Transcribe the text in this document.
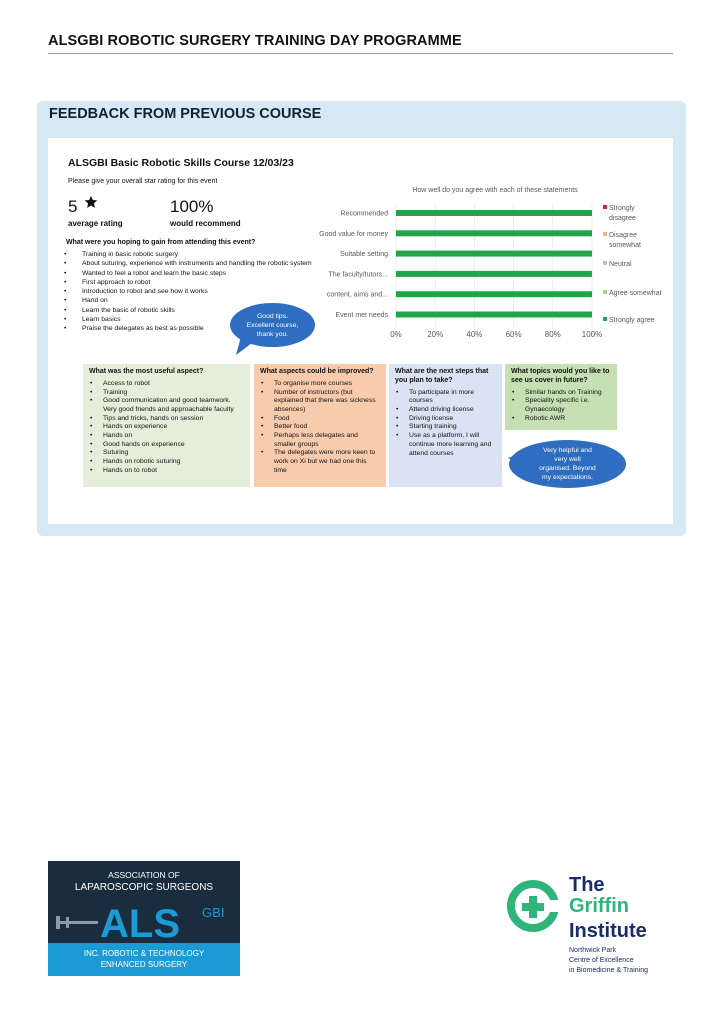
ALSGBI ROBOTIC SURGERY TRAINING DAY PROGRAMME
FEEDBACK FROM PREVIOUS COURSE
ALSGBI Basic Robotic Skills Course 12/03/23
Please give your overall star rating for this event
5
average rating
100%
would recommend
What were you hoping to gain from attending this event?
• Training in basic robotic surgery
• About suturing, experience with instruments and handling the robotic system
• Wanted to feel a robot and learn the basic steps
• First approach to robot
• Introduction to robot and see how it works
• Hand on
• Learn the basic of robotic skills
• Learn basics
• Praise the delegates as best as possible
Good tips.
Excellent course,
thank you.
How well do you agree with each of these statements
Recommended
Good value for money
Suitable setting
The faculty/tutors...
content, aims and...
Event met needs
0%	20%	40%	60%	80%	100%
Strongly
disagree
Disagree
somewhat
Neutral
Agree somewhat
Strongly agree
What was the most useful aspect?
• Access to robot
• Training
• Good communication and good teamwork. Very good friends and approachable faculty
• Tips and tricks, hands on session
• Hands on experience
• Hands on
• Good hands on experience
• Suturing
• Hands on robotic suturing
• Hands on to robot
What aspects could be improved?
• To organise more courses
• Number of instructors (but explained that there was sickness absences)
• Food
• Better food
• Perhaps less delegates and smaller groups
• The delegates were more keen to work on Xi but we had one this time
What are the next steps that you plan to take?
• To participate in more courses
• Attend driving license
• Driving license
• Starting training
• Use as a platform, I will continue more learning and attend courses
What topics would you like to see us cover in future?
• Similar hands on Training
• Speciality specific i.e. Gynaecology
• Robotic AWR
Very helpful and
very well
organised. Beyond
my expectations.
ASSOCIATION OF
LAPAROSCOPIC SURGEONS
ALS GBI
INC. ROBOTIC & TECHNOLOGY
ENHANCED SURGERY
The
Griffin
Institute
Northwick Park
Centre of Excellence
in Biomedicine & Training
